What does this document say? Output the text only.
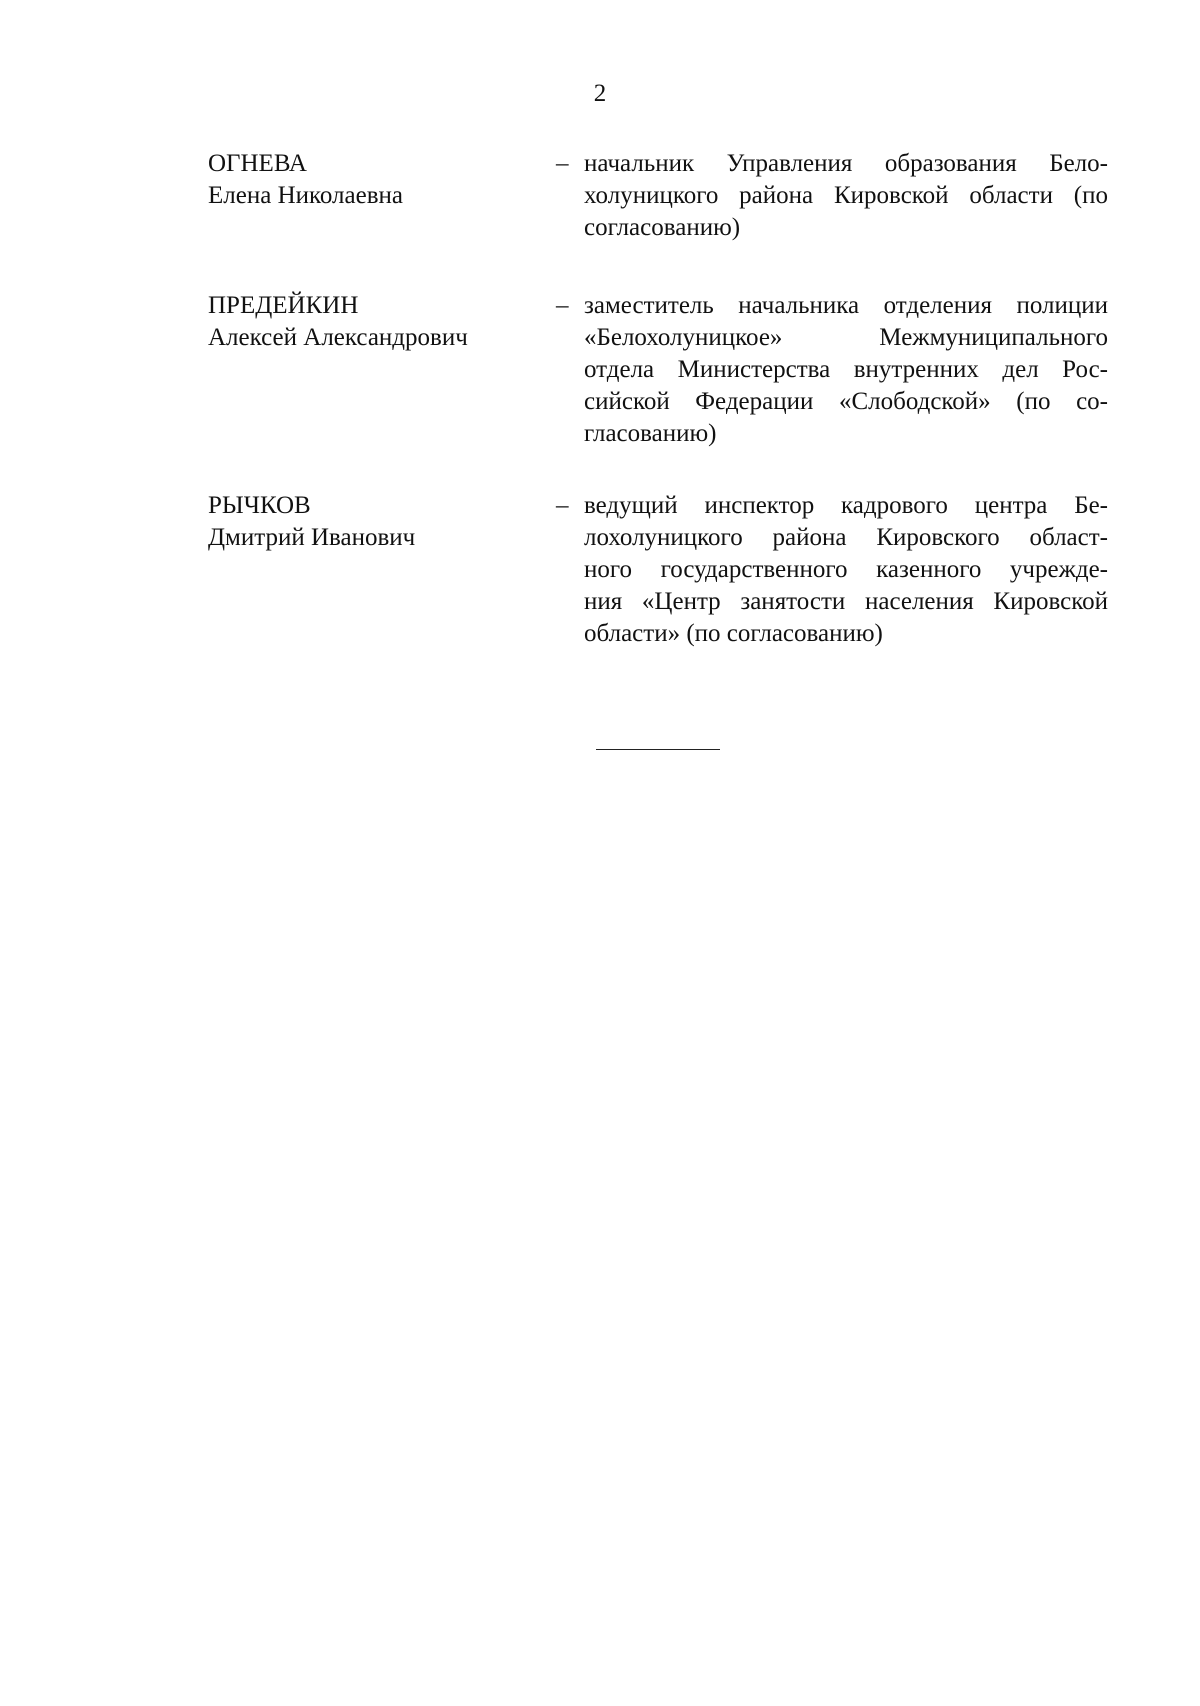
2
ОГНЕВА
Елена Николаевна
– начальник Управления образования Бело-
холуницкого района Кировской области (по
согласованию)
ПРЕДЕЙКИН
Алексей Александрович
– заместитель начальника отделения полиции
«Белохолуницкое» Межмуниципального
отдела Министерства внутренних дел Рос-
сийской Федерации «Слободской» (по со-
гласованию)
РЫЧКОВ
Дмитрий Иванович
– ведущий инспектор кадрового центра Бе-
лохолуницкого района Кировского област-
ного государственного казенного учрежде-
ния «Центр занятости населения Кировской
области» (по согласованию)
